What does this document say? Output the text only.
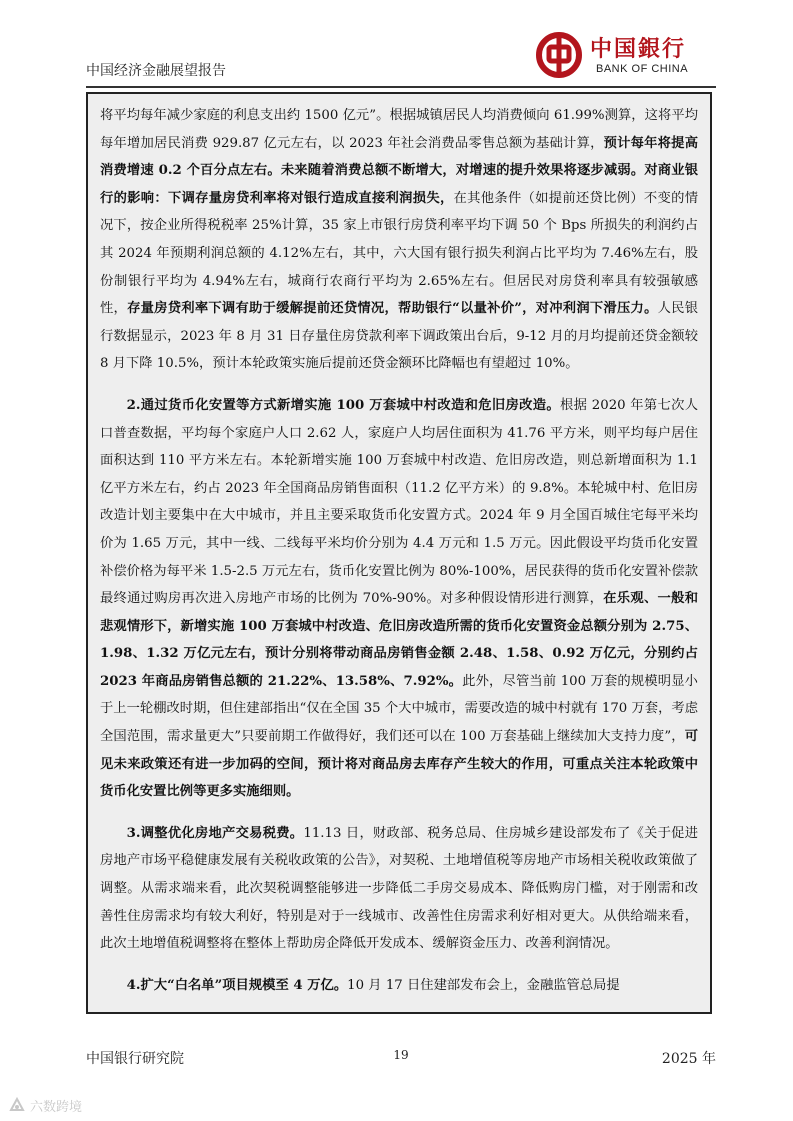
中国经济金融展望报告
中国銀行
BANK OF CHINA

将平均每年减少家庭的利息支出约 1500 亿元”。根据城镇居民人均消费倾向 61.99%测算，这将平均每年增加居民消费 929.87 亿元左右，以 2023 年社会消费品零售总额为基础计算，预计每年将提高消费增速 0.2 个百分点左右。未来随着消费总额不断增大，对增速的提升效果将逐步减弱。对商业银行的影响：下调存量房贷利率将对银行造成直接利润损失，在其他条件（如提前还贷比例）不变的情况下，按企业所得税税率 25%计算，35 家上市银行房贷利率平均下调 50 个 Bps 所损失的利润约占其 2024 年预期利润总额的 4.12%左右，其中，六大国有银行损失利润占比平均为 7.46%左右，股份制银行平均为 4.94%左右，城商行农商行平均为 2.65%左右。但居民对房贷利率具有较强敏感性，存量房贷利率下调有助于缓解提前还贷情况，帮助银行“以量补价”，对冲利润下滑压力。人民银行数据显示，2023 年 8 月 31 日存量住房贷款利率下调政策出台后，9-12 月的月均提前还贷金额较 8 月下降 10.5%，预计本轮政策实施后提前还贷金额环比降幅也有望超过 10%。

2.通过货币化安置等方式新增实施 100 万套城中村改造和危旧房改造。根据 2020 年第七次人口普查数据，平均每个家庭户人口 2.62 人，家庭户人均居住面积为 41.76 平方米，则平均每户居住面积达到 110 平方米左右。本轮新增实施 100 万套城中村改造、危旧房改造，则总新增面积为 1.1 亿平方米左右，约占 2023 年全国商品房销售面积（11.2 亿平方米）的 9.8%。本轮城中村、危旧房改造计划主要集中在大中城市，并且主要采取货币化安置方式。2024 年 9 月全国百城住宅每平米均价为 1.65 万元，其中一线、二线每平米均价分别为 4.4 万元和 1.5 万元。因此假设平均货币化安置补偿价格为每平米 1.5-2.5 万元左右，货币化安置比例为 80%-100%，居民获得的货币化安置补偿款最终通过购房再次进入房地产市场的比例为 70%-90%。对多种假设情形进行测算，在乐观、一般和悲观情形下，新增实施 100 万套城中村改造、危旧房改造所需的货币化安置资金总额分别为 2.75、1.98、1.32 万亿元左右，预计分别将带动商品房销售金额 2.48、1.58、0.92 万亿元，分别约占 2023 年商品房销售总额的 21.22%、13.58%、7.92%。此外，尽管当前 100 万套的规模明显小于上一轮棚改时期，但住建部指出“仅在全国 35 个大中城市，需要改造的城中村就有 170 万套，考虑全国范围，需求量更大”只要前期工作做得好，我们还可以在 100 万套基础上继续加大支持力度”，可见未来政策还有进一步加码的空间，预计将对商品房去库存产生较大的作用，可重点关注本轮政策中货币化安置比例等更多实施细则。

3.调整优化房地产交易税费。11.13 日，财政部、税务总局、住房城乡建设部发布了《关于促进房地产市场平稳健康发展有关税收政策的公告》，对契税、土地增值税等房地产市场相关税收政策做了调整。从需求端来看，此次契税调整能够进一步降低二手房交易成本、降低购房门槛，对于刚需和改善性住房需求均有较大利好，特别是对于一线城市、改善性住房需求利好相对更大。从供给端来看，此次土地增值税调整将在整体上帮助房企降低开发成本、缓解资金压力、改善利润情况。

4.扩大“白名单”项目规模至 4 万亿。10 月 17 日住建部发布会上，金融监管总局提

中国银行研究院	19	2025 年
六数跨境
